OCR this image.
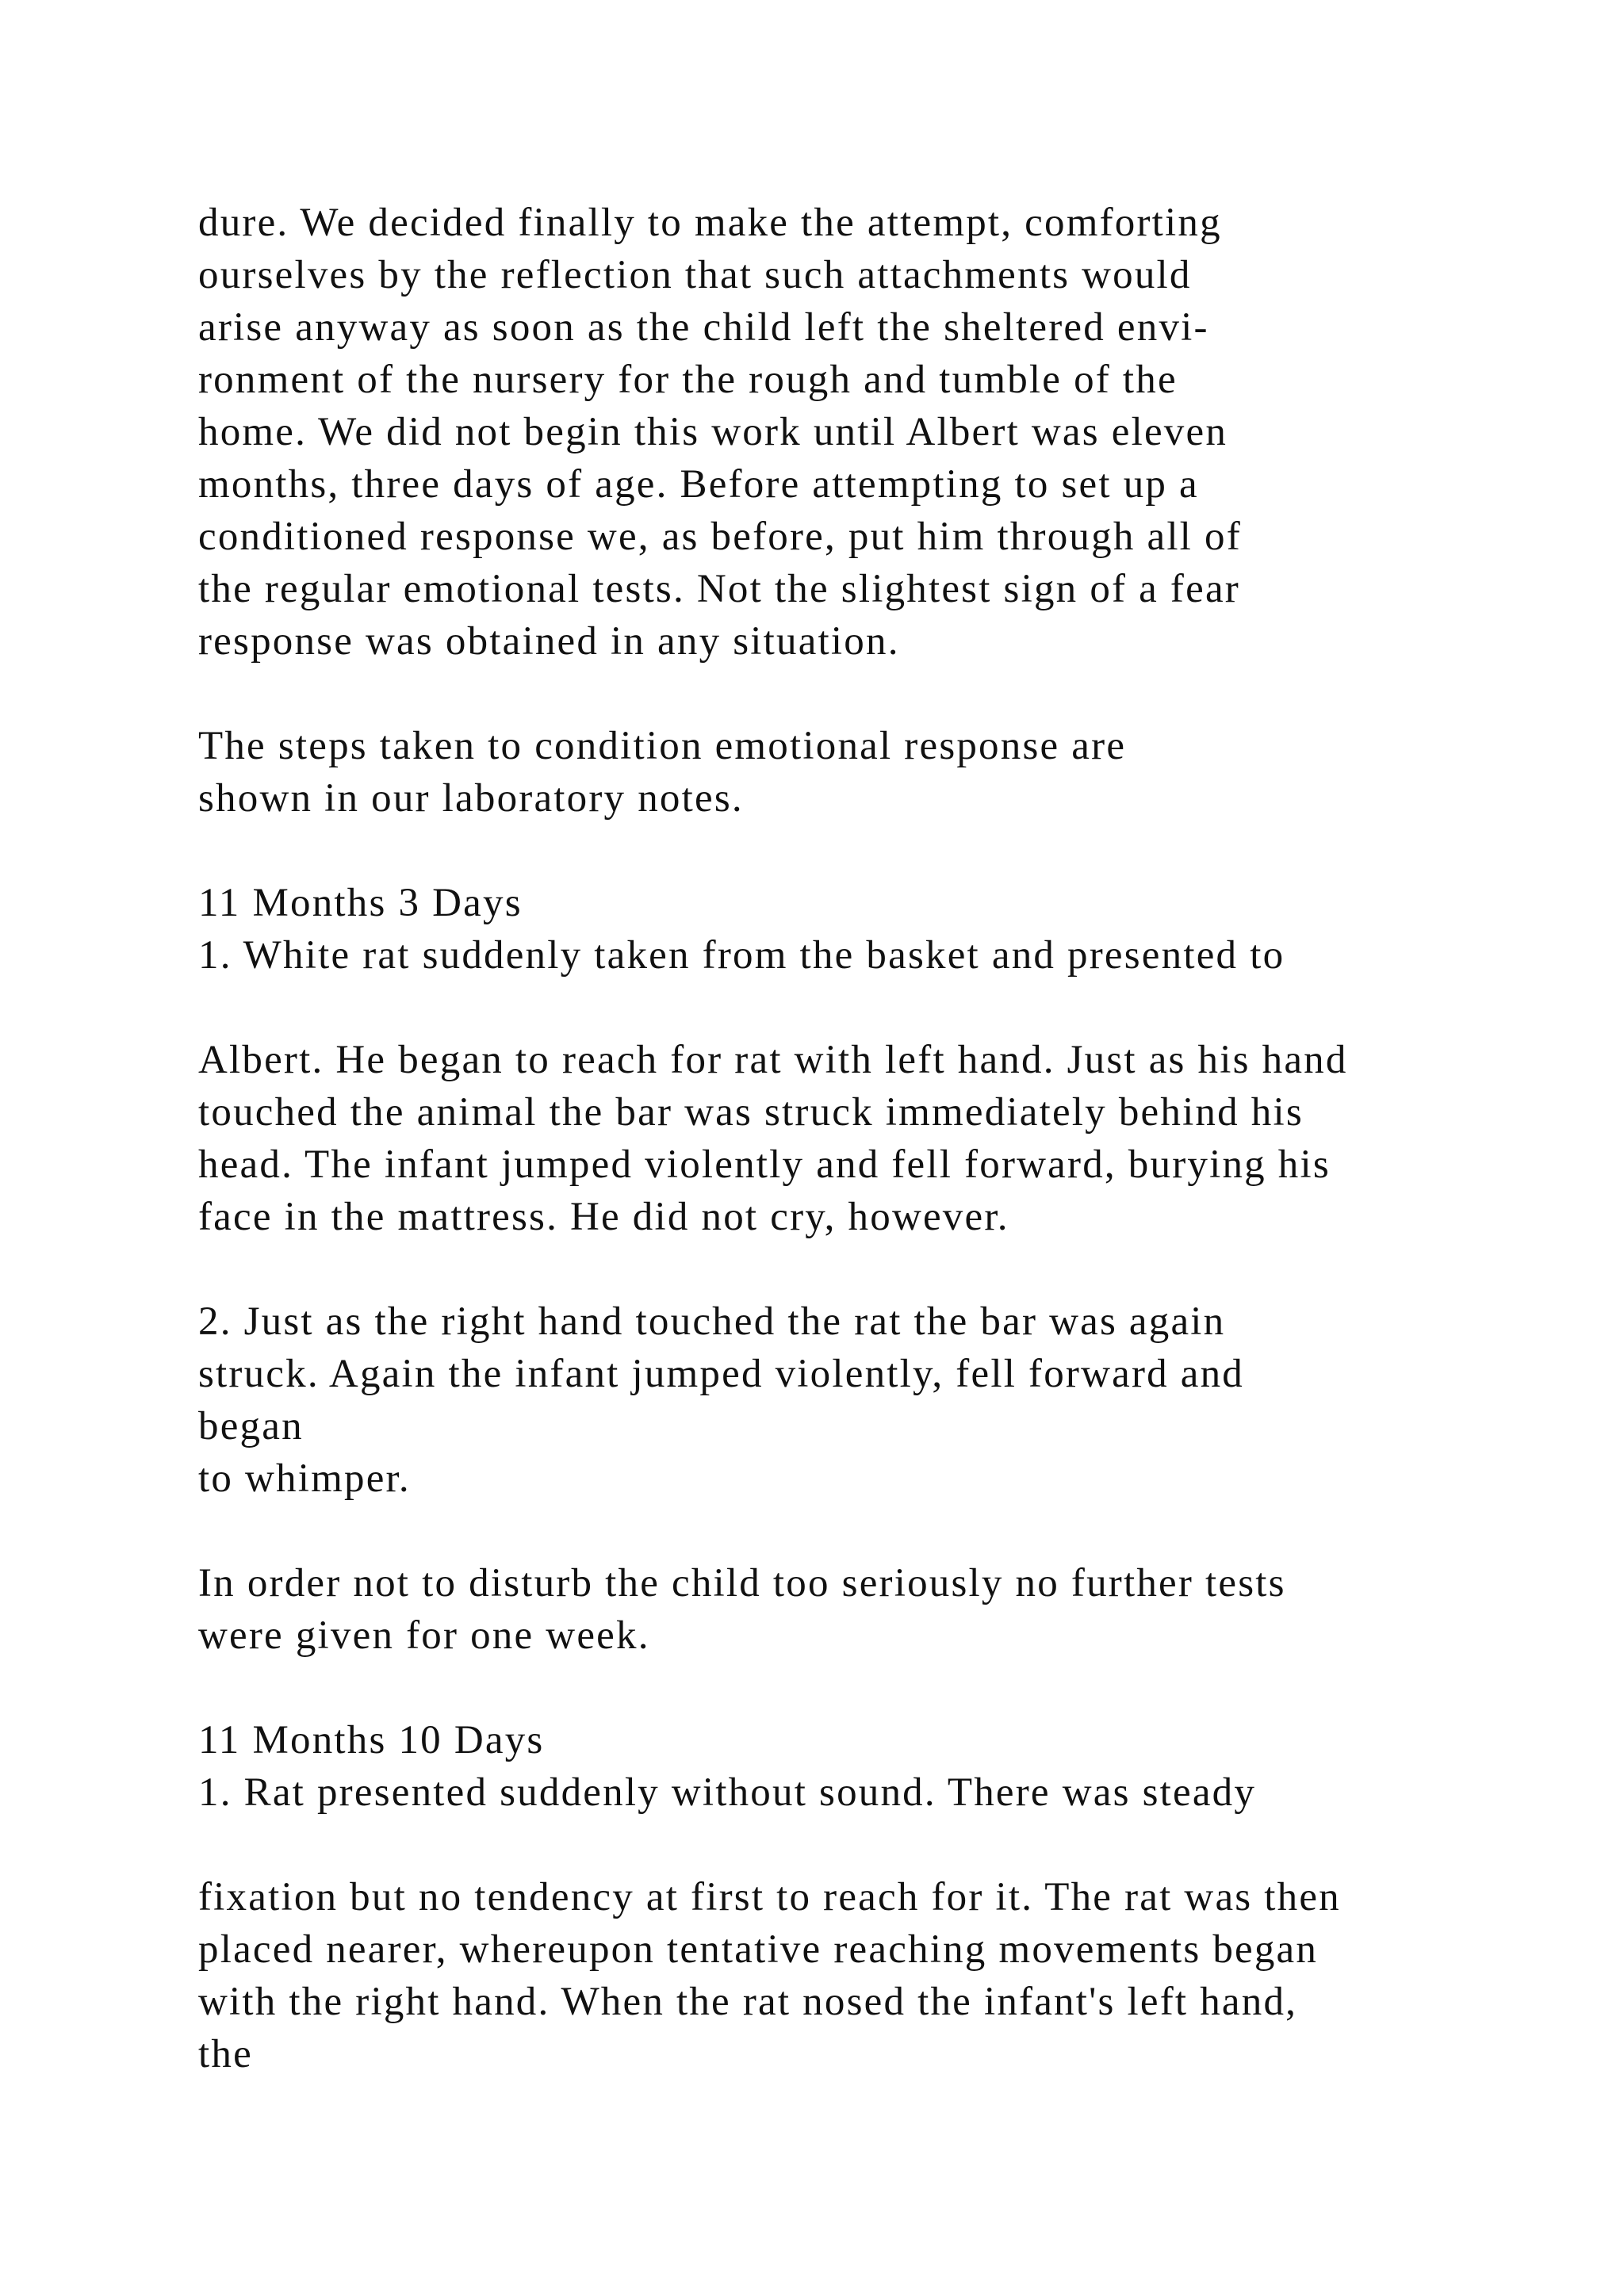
dure. We decided finally to make the attempt, comforting
ourselves by the reflection that such attachments would
arise anyway as soon as the child left the sheltered envi-
ronment of the nursery for the rough and tumble of the
home. We did not begin this work until Albert was eleven
months, three days of age. Before attempting to set up a
conditioned response we, as before, put him through all of
the regular emotional tests. Not the slightest sign of a fear
response was obtained in any situation.
The steps taken to condition emotional response are
shown in our laboratory notes.
11 Months 3 Days
1. White rat suddenly taken from the basket and presented to
Albert. He began to reach for rat with left hand. Just as his hand
touched the animal the bar was struck immediately behind his
head. The infant jumped violently and fell forward, burying his
face in the mattress. He did not cry, however.
2. Just as the right hand touched the rat the bar was again
struck. Again the infant jumped violently, fell forward and
began
to whimper.
In order not to disturb the child too seriously no further tests
were given for one week.
11 Months 10 Days
1. Rat presented suddenly without sound. There was steady
fixation but no tendency at first to reach for it. The rat was then
placed nearer, whereupon tentative reaching movements began
with the right hand. When the rat nosed the infant's left hand,
the
